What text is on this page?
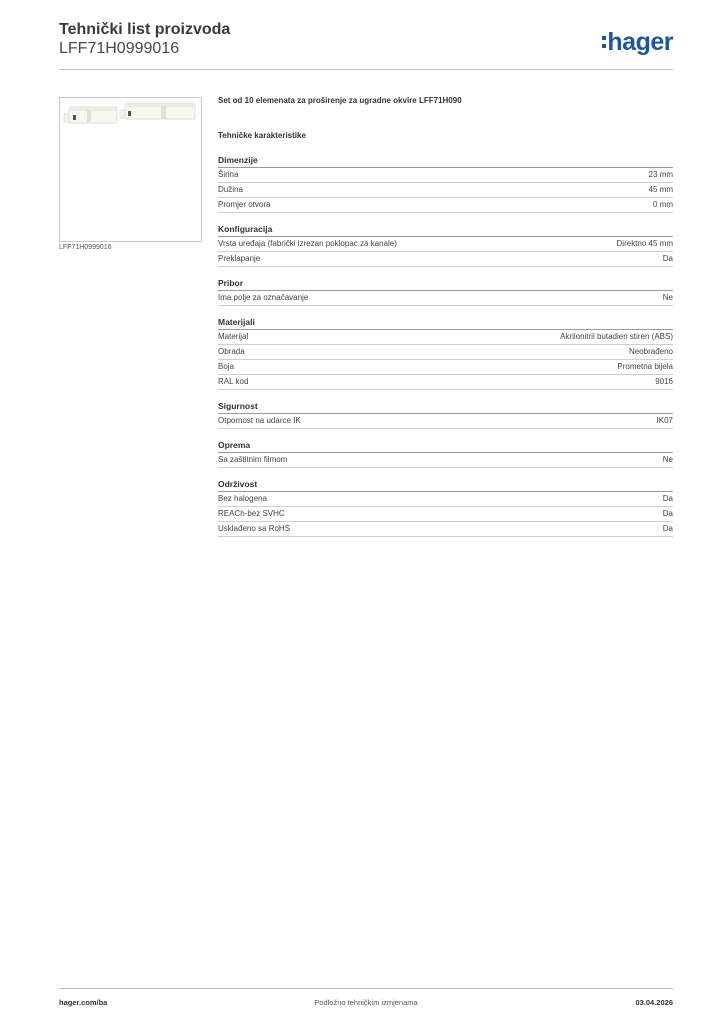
Tehnički list proizvoda
LFF71H0999016	hager
LFF71H0999016
Set od 10 elemenata za proširenje za ugradne okvire LFF71H090
Tehničke karakteristike
Dimenzije
Širina	23 mm
Dužina	45 mm
Promjer otvora	0 mm
Konfiguracija
Vrsta uređaja (fabrički izrezan poklopac za kanale)	Direktno 45 mm
Preklapanje	Da
Pribor
Ima polje za označavanje	Ne
Materijali
Materijal	Akrilonitril butadien stiren (ABS)
Obrada	Neobrađeno
Boja	Prometna bijela
RAL kod	9016
Sigurnost
Otpornost na udarce IK	IK07
Oprema
Sa zaštitnim filmom	Ne
Održivost
Bez halogena	Da
REACh-bez SVHC	Da
Usklađeno sa RoHS	Da
hager.com/ba	Podložno tehničkim izmjenama	03.04.2026
